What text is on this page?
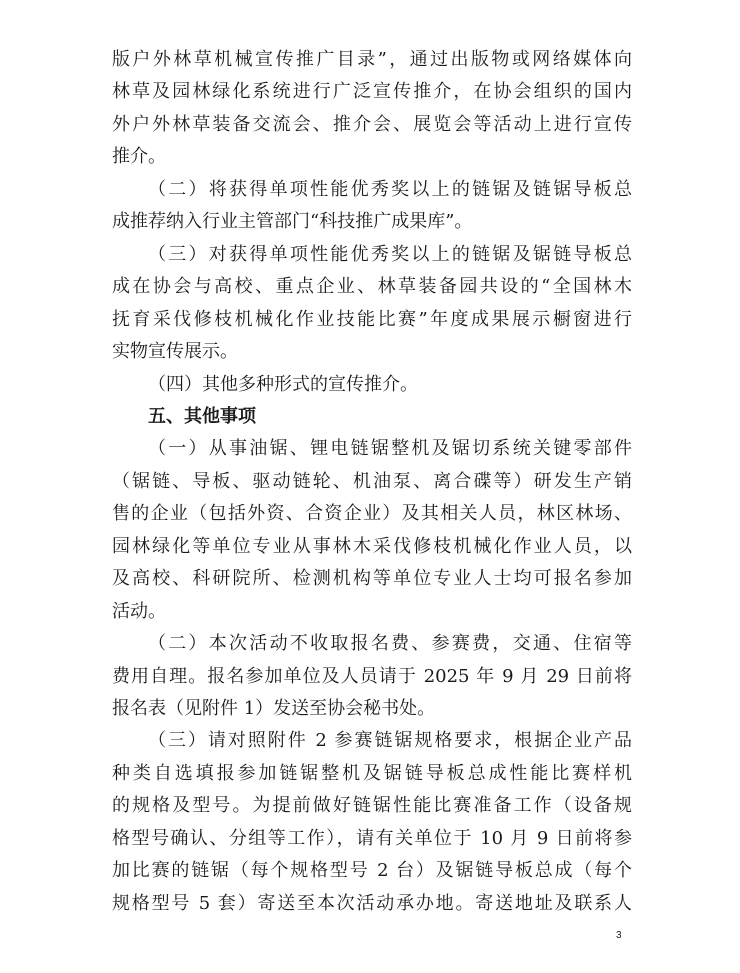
版户外林草机械宣传推广目录”，通过出版物或网络媒体向
林草及园林绿化系统进行广泛宣传推介，在协会组织的国内
外户外林草装备交流会、推介会、展览会等活动上进行宣传
推介。
（二）将获得单项性能优秀奖以上的链锯及链锯导板总
成推荐纳入行业主管部门“科技推广成果库”。
（三）对获得单项性能优秀奖以上的链锯及锯链导板总
成在协会与高校、重点企业、林草装备园共设的“全国林木
抚育采伐修枝机械化作业技能比赛”年度成果展示橱窗进行
实物宣传展示。
（四）其他多种形式的宣传推介。
五、其他事项
（一）从事油锯、锂电链锯整机及锯切系统关键零部件
（锯链、导板、驱动链轮、机油泵、离合碟等）研发生产销
售的企业（包括外资、合资企业）及其相关人员，林区林场、
园林绿化等单位专业从事林木采伐修枝机械化作业人员，以
及高校、科研院所、检测机构等单位专业人士均可报名参加
活动。
（二）本次活动不收取报名费、参赛费，交通、住宿等
费用自理。报名参加单位及人员请于 2025 年 9 月 29 日前将
报名表（见附件 1）发送至协会秘书处。
（三）请对照附件 2 参赛链锯规格要求，根据企业产品
种类自选填报参加链锯整机及锯链导板总成性能比赛样机
的规格及型号。为提前做好链锯性能比赛准备工作（设备规
格型号确认、分组等工作），请有关单位于 10 月 9 日前将参
加比赛的链锯（每个规格型号 2 台）及锯链导板总成（每个
规格型号 5 套）寄送至本次活动承办地。寄送地址及联系人
3
